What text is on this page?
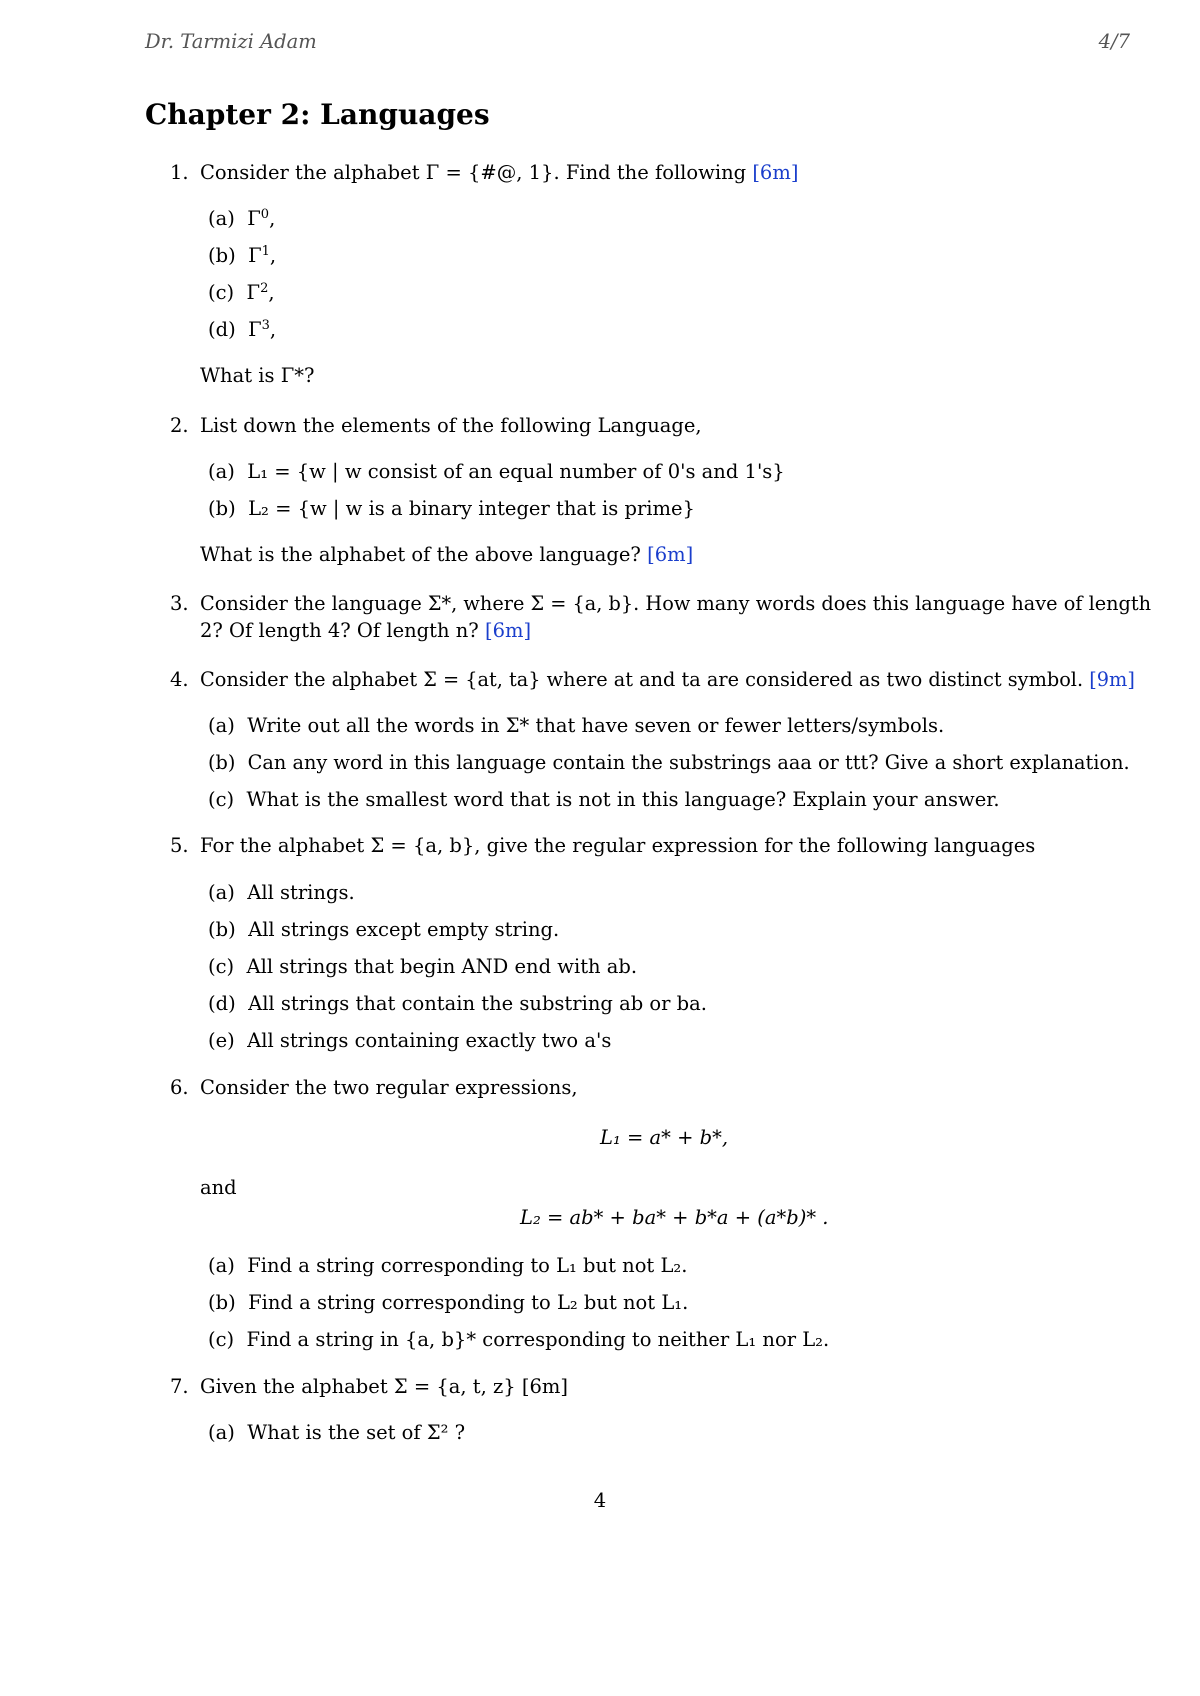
Dr. Tarmizi Adam	4/7
Chapter 2: Languages
1. Consider the alphabet Γ = {#@, 1}. Find the following [6m]
(a) $\Gamma^0$,
(b) $\Gamma^1$,
(c) $\Gamma^2$,
(d) $\Gamma^3$,
What is Γ*?
2. List down the elements of the following Language,
(a) L₁ = {w | w consist of an equal number of 0's and 1's}
(b) L₂ = {w | w is a binary integer that is prime}
What is the alphabet of the above language? [6m]
3. Consider the language Σ*, where Σ = {a, b}. How many words does this language have of length
2? Of length 4? Of length n? [6m]
4. Consider the alphabet Σ = {at, ta} where at and ta are considered as two distinct symbol. [9m]
(a) Write out all the words in Σ* that have seven or fewer letters/symbols.
(b) Can any word in this language contain the substrings aaa or ttt? Give a short explanation.
(c) What is the smallest word that is not in this language? Explain your answer.
5. For the alphabet Σ = {a, b}, give the regular expression for the following languages
(a) All strings.
(b) All strings except empty string.
(c) All strings that begin AND end with ab.
(d) All strings that contain the substring ab or ba.
(e) All strings containing exactly two a's
6. Consider the two regular expressions,
L₁ = a* + b*,
and
L₂ = ab* + ba* + b*a + (a*b)* .
(a) Find a string corresponding to L₁ but not L₂.
(b) Find a string corresponding to L₂ but not L₁.
(c) Find a string in {a, b}* corresponding to neither L₁ nor L₂.
7. Given the alphabet Σ = {a, t, z} [6m]
(a) What is the set of Σ² ?
4
